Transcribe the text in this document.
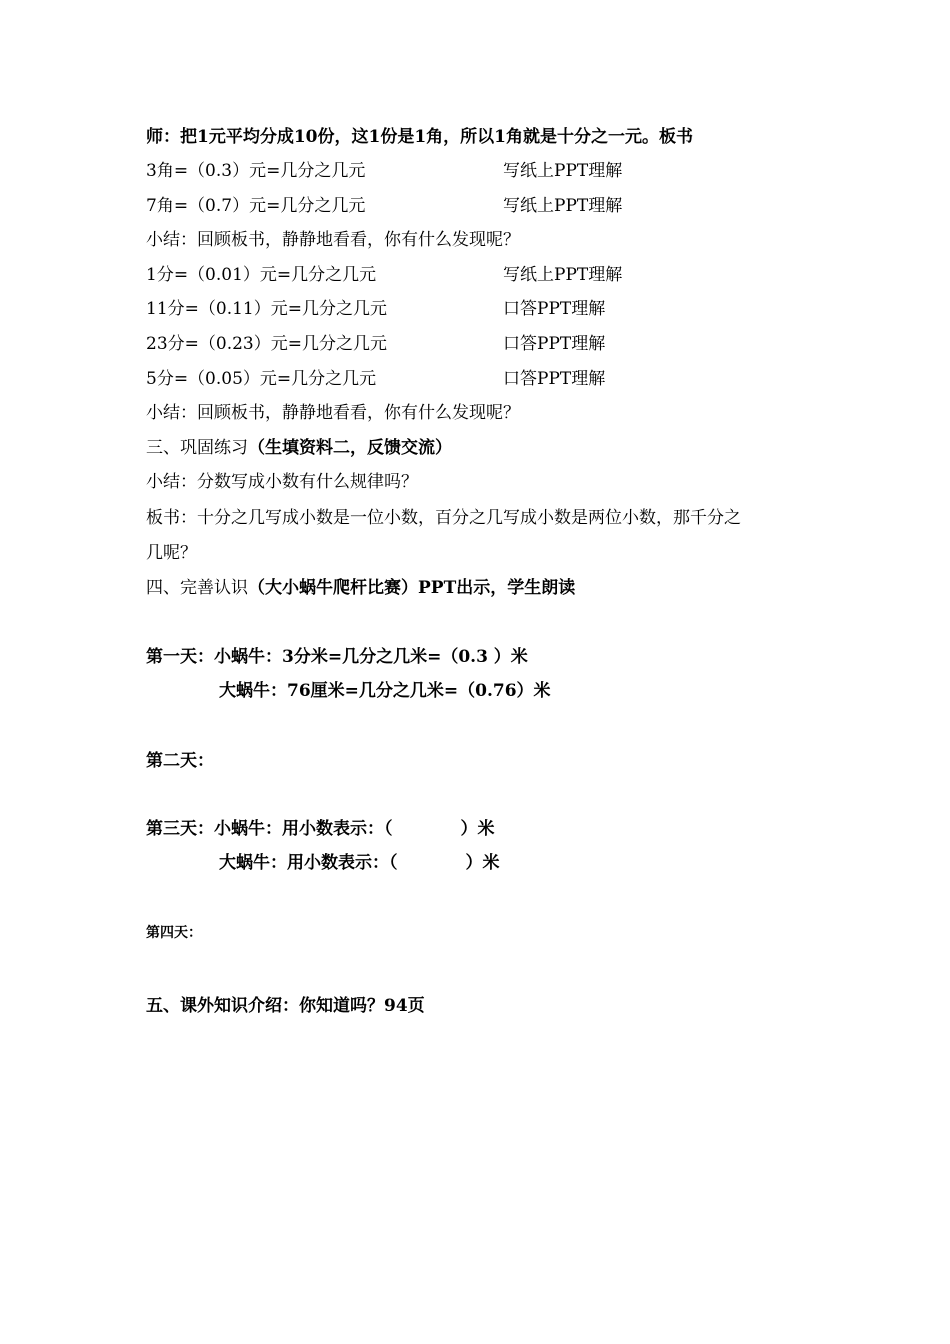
师：把1元平均分成10份，这1份是1角，所以1角就是十分之一元。板书
3角=（0.3）元=几分之几元	写纸上PPT理解
7角=（0.7）元=几分之几元	写纸上PPT理解
小结：回顾板书，静静地看看，你有什么发现呢？
1分=（0.01）元=几分之几元	写纸上PPT理解
11分=（0.11）元=几分之几元	口答PPT理解
23分=（0.23）元=几分之几元	口答PPT理解
5分=（0.05）元=几分之几元	口答PPT理解
小结：回顾板书，静静地看看，你有什么发现呢？
三、巩固练习（生填资料二，反馈交流）
小结：分数写成小数有什么规律吗？
板书：十分之几写成小数是一位小数，百分之几写成小数是两位小数，那千分之
几呢？
四、完善认识（大小蜗牛爬杆比赛）PPT出示，学生朗读
第一天：小蜗牛：3分米=几分之几米=（0.3 ）米
大蜗牛：76厘米=几分之几米=（0.76）米
第二天：
第三天：小蜗牛：用小数表示：（　　　　）米
大蜗牛：用小数表示：（　　　　）米
第四天：
五、课外知识介绍：你知道吗？94页
